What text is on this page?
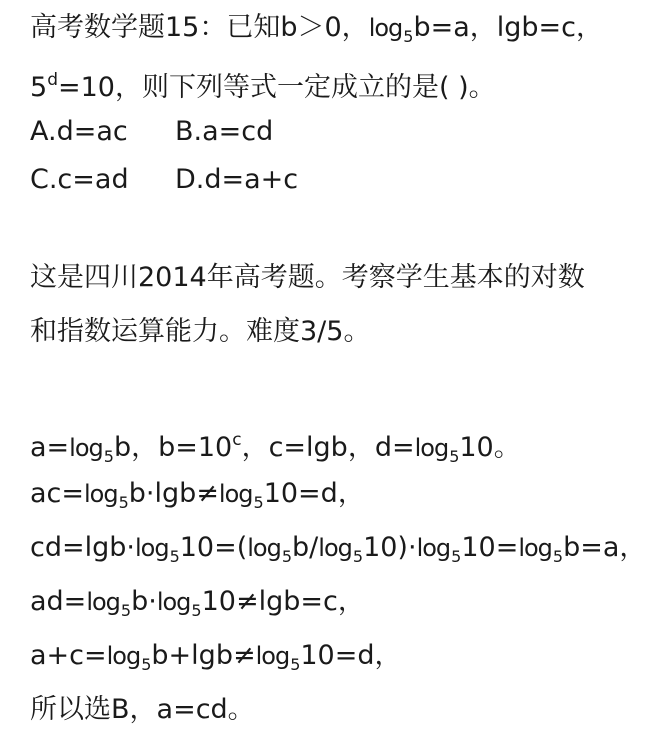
高考数学题15：已知b＞0，$\log_5b=a$，lgb=c，
$5^d=10$，则下列等式一定成立的是( )。
A.d=ac B.a=cd
C.c=ad D.d=a+c
这是四川2014年高考题。考察学生基本的对数
和指数运算能力。难度3/5。
$a=\log_5b$，$b=10^c$，c=lgb，$d=\log_510$。
$ac=\log_5b\cdot\lg b\ne\log_510=d$，
$cd=\lg b\cdot\log_510=(\log_5b/\log_510)\cdot\log_510=\log_5b=a$，
$ad=\log_5b\cdot\log_510\ne\lg b=c$，
$a+c=\log_5b+\lg b\ne\log_510=d$，
所以选B，a=cd。
